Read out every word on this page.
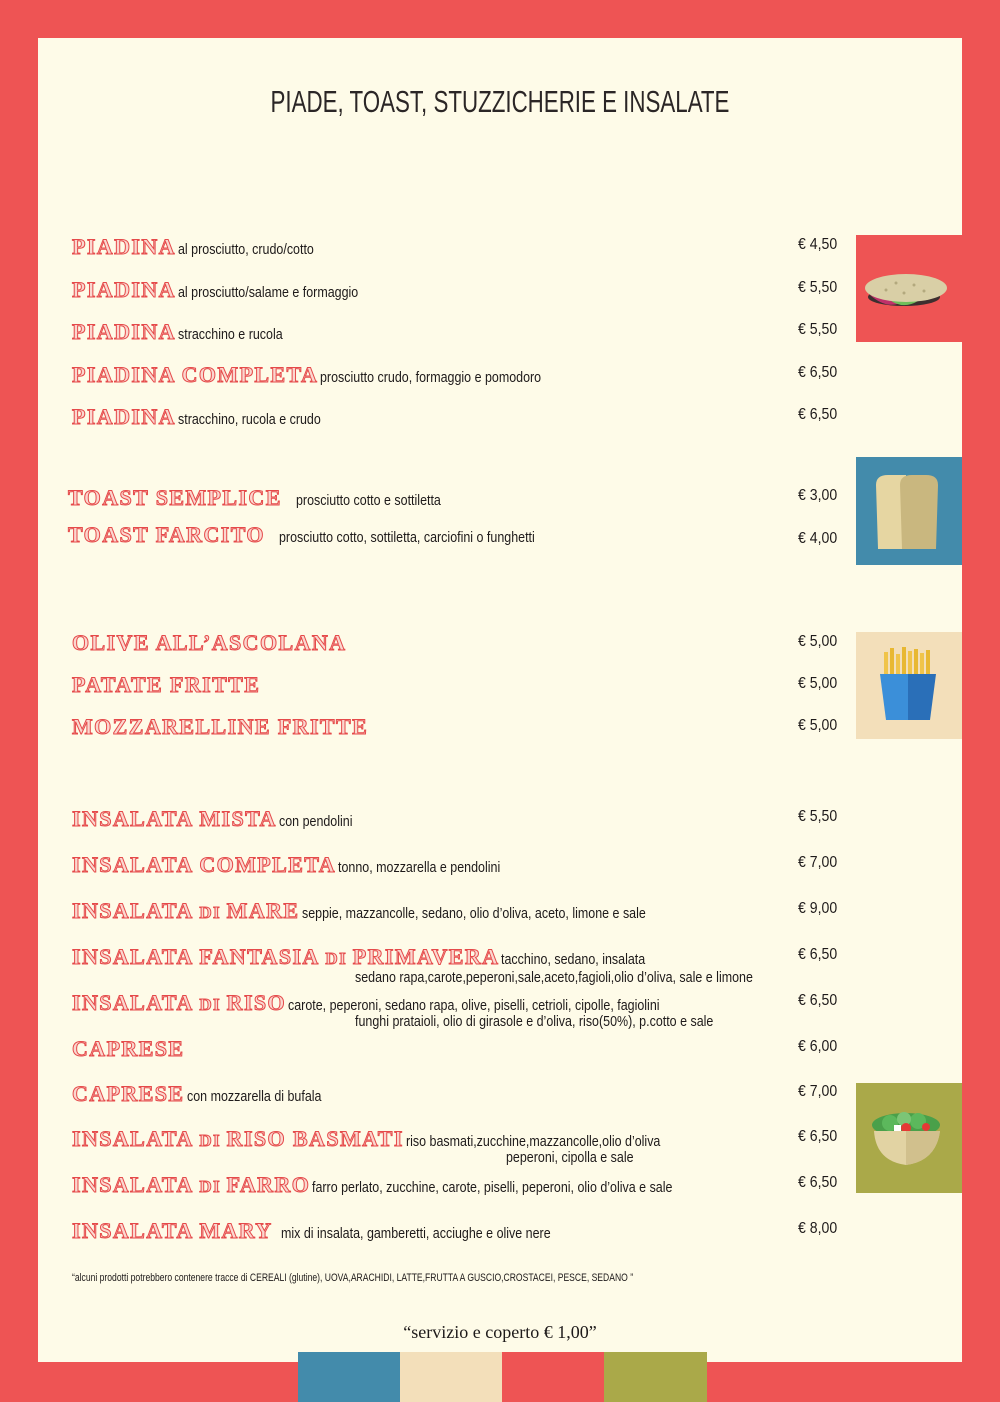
PIADE, TOAST, STUZZICHERIE E INSALATE
PIADINA al prosciutto, crudo/cotto	€ 4,50
PIADINA al prosciutto/salame e formaggio	€ 5,50
PIADINA stracchino e rucola	€ 5,50
PIADINA COMPLETA prosciutto crudo, formaggio e pomodoro	€ 6,50
PIADINA stracchino, rucola e crudo	€ 6,50
TOAST SEMPLICE prosciutto cotto e sottiletta	€ 3,00
TOAST FARCITO prosciutto cotto, sottiletta, carciofini o funghetti	€ 4,00
OLIVE ALL’ASCOLANA	€ 5,00
PATATE FRITTE	€ 5,00
MOZZARELLINE FRITTE	€ 5,00
INSALATA MISTA con pendolini	€ 5,50
INSALATA COMPLETA tonno, mozzarella e pendolini	€ 7,00
INSALATA DI MARE seppie, mazzancolle, sedano, olio d’oliva, aceto, limone e sale	€ 9,00
INSALATA FANTASIA DI PRIMAVERA tacchino, sedano, insalata
sedano rapa,carote,peperoni,sale,aceto,fagioli,olio d’oliva, sale e limone
€ 6,50
INSALATA DI RISO carote, peperoni, sedano rapa, olive, piselli, cetrioli, cipolle, fagiolini
funghi prataioli, olio di girasole e d’oliva, riso(50%), p.cotto e sale
€ 6,50
CAPRESE	€ 6,00
CAPRESE con mozzarella di bufala	€ 7,00
INSALATA DI RISO BASMATI riso basmati,zucchine,mazzancolle,olio d’oliva
peperoni, cipolla e sale
€ 6,50
INSALATA DI FARRO farro perlato, zucchine, carote, piselli, peperoni, olio d’oliva e sale	€ 6,50
INSALATA MARY mix di insalata, gamberetti, acciughe e olive nere	€ 8,00
“alcuni prodotti potrebbero contenere tracce di CEREALI (glutine), UOVA,ARACHIDI, LATTE,FRUTTA A GUSCIO,CROSTACEI, PESCE, SEDANO ”
“servizio e coperto € 1,00”
